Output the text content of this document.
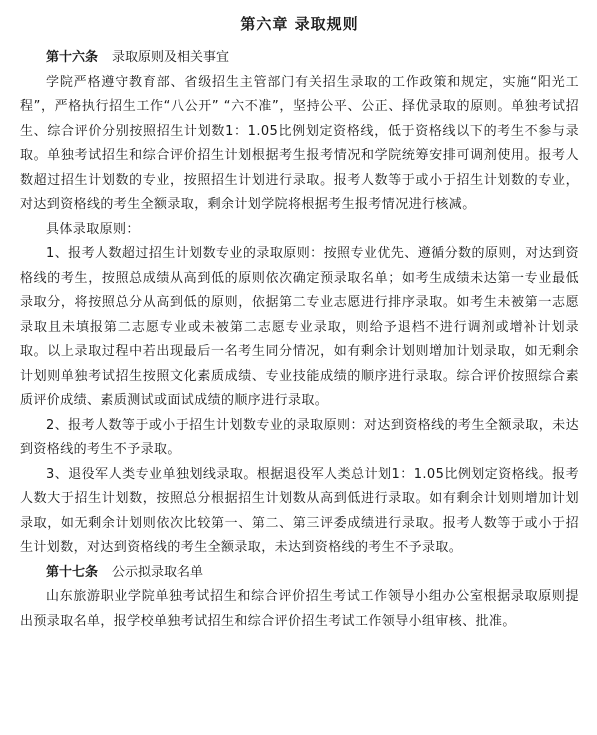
第六章 录取规则
第十六条 录取原则及相关事宜

学院严格遵守教育部、省级招生主管部门有关招生录取的工作政策和规定，实施“阳光工程”，严格执行招生工作“八公开” “六不准”，坚持公平、公正、择优录取的原则。单独考试招生、综合评价分别按照招生计划数1：1.05比例划定资格线，低于资格线以下的考生不参与录取。单独考试招生和综合评价招生计划根据考生报考情况和学院统筹安排可调剂使用。报考人数超过招生计划数的专业，按照招生计划进行录取。报考人数等于或小于招生计划数的专业，对达到资格线的考生全额录取，剩余计划学院将根据考生报考情况进行核减。

具体录取原则：

1、报考人数超过招生计划数专业的录取原则：按照专业优先、遵循分数的原则，对达到资格线的考生，按照总成绩从高到低的原则依次确定预录取名单；如考生成绩未达第一专业最低录取分，将按照总分从高到低的原则，依据第二专业志愿进行排序录取。如考生未被第一志愿录取且未填报第二志愿专业或未被第二志愿专业录取，则给予退档不进行调剂或增补计划录取。以上录取过程中若出现最后一名考生同分情况，如有剩余计划则增加计划录取，如无剩余计划则单独考试招生按照文化素质成绩、专业技能成绩的顺序进行录取。综合评价按照综合素质评价成绩、素质测试或面试成绩的顺序进行录取。

2、报考人数等于或小于招生计划数专业的录取原则：对达到资格线的考生全额录取，未达到资格线的考生不予录取。

3、退役军人类专业单独划线录取。根据退役军人类总计划1：1.05比例划定资格线。报考人数大于招生计划数，按照总分根据招生计划数从高到低进行录取。如有剩余计划则增加计划录取，如无剩余计划则依次比较第一、第二、第三评委成绩进行录取。报考人数等于或小于招生计划数，对达到资格线的考生全额录取，未达到资格线的考生不予录取。

第十七条 公示拟录取名单

山东旅游职业学院单独考试招生和综合评价招生考试工作领导小组办公室根据录取原则提出预录取名单，报学校单独考试招生和综合评价招生考试工作领导小组审核、批准。
